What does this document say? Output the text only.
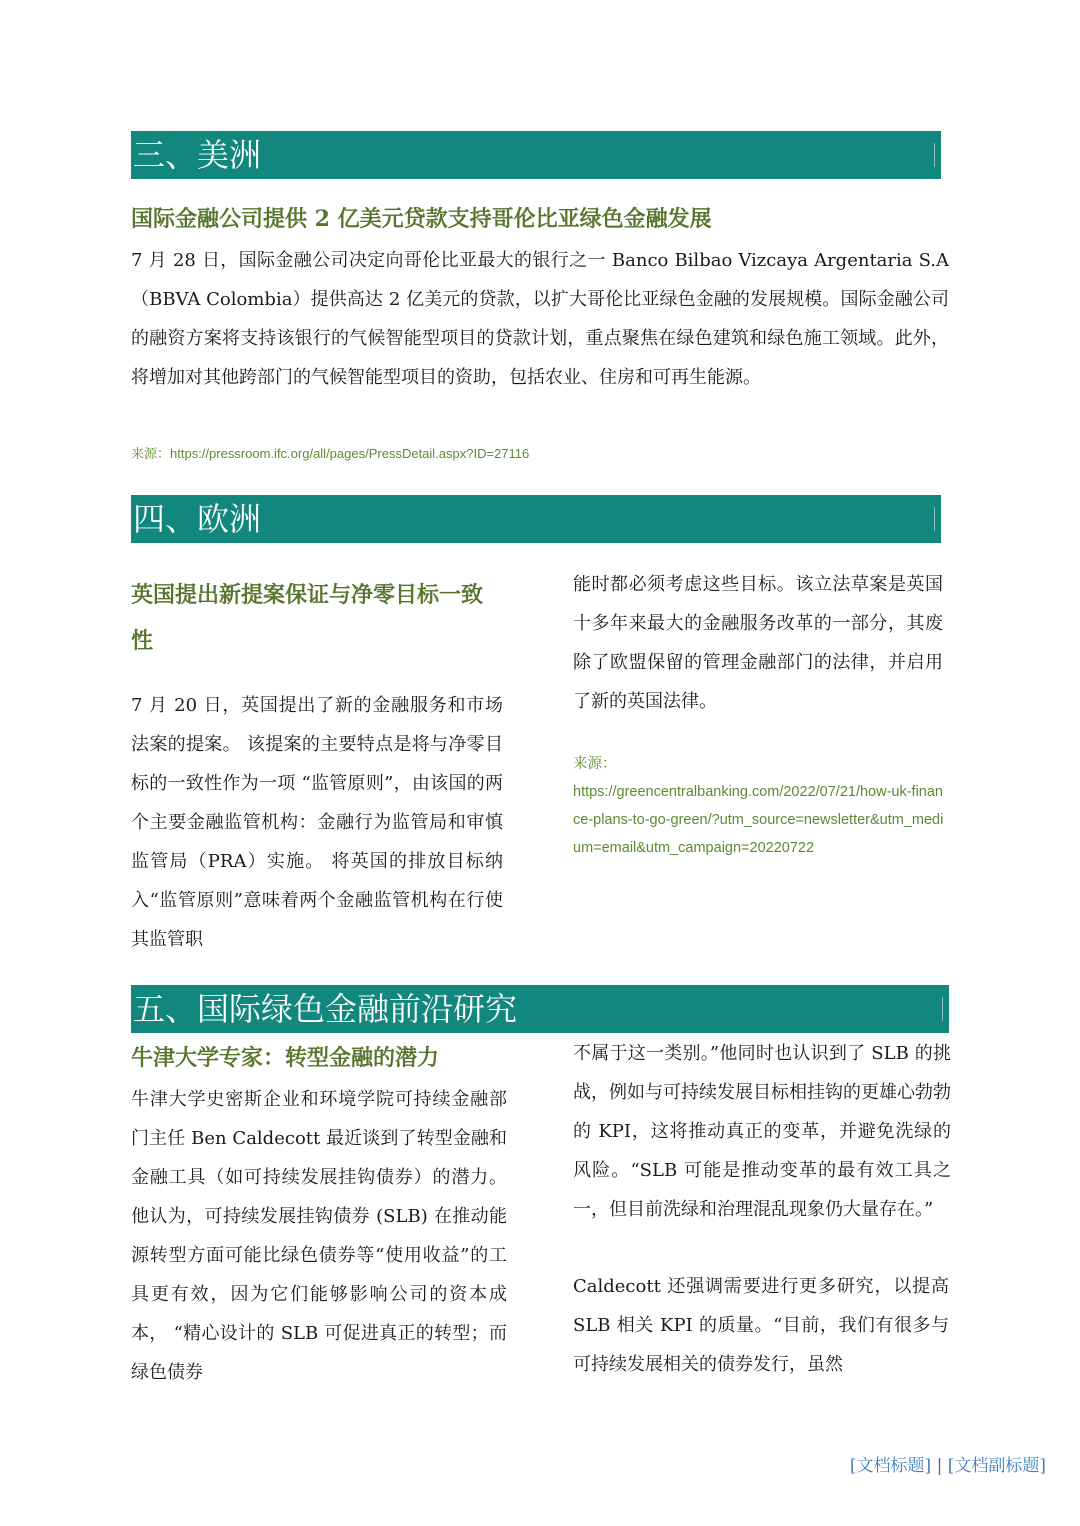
三、美洲
国际金融公司提供 2 亿美元贷款支持哥伦比亚绿色金融发展

7 月 28 日，国际金融公司决定向哥伦比亚最大的银行之一 Banco Bilbao Vizcaya Argentaria S.A（BBVA Colombia）提供高达 2 亿美元的贷款，以扩大哥伦比亚绿色金融的发展规模。国际金融公司的融资方案将支持该银行的气候智能型项目的贷款计划，重点聚焦在绿色建筑和绿色施工领域。此外，将增加对其他跨部门的气候智能型项目的资助，包括农业、住房和可再生能源。

来源：https://pressroom.ifc.org/all/pages/PressDetail.aspx?ID=27116
四、欧洲
英国提出新提案保证与净零目标一致性

7 月 20 日，英国提出了新的金融服务和市场法案的提案。 该提案的主要特点是将与净零目标的一致性作为一项 “监管原则”，由该国的两个主要金融监管机构：金融行为监管局和审慎监管局（PRA）实施。 将英国的排放目标纳入“监管原则”意味着两个金融监管机构在行使其监管职

能时都必须考虑这些目标。该立法草案是英国十多年来最大的金融服务改革的一部分，其废除了欧盟保留的管理金融部门的法律，并启用了新的英国法律。

来源：
https://greencentralbanking.com/2022/07/21/how-uk-finance-plans-to-go-green/?utm_source=newsletter&utm_medium=email&utm_campaign=20220722
五、国际绿色金融前沿研究
牛津大学专家：转型金融的潜力

牛津大学史密斯企业和环境学院可持续金融部门主任 Ben Caldecott 最近谈到了转型金融和金融工具（如可持续发展挂钩债券）的潜力。他认为，可持续发展挂钩债券 (SLB) 在推动能源转型方面可能比绿色债券等“使用收益”的工具更有效，因为它们能够影响公司的资本成本， “精心设计的 SLB 可促进真正的转型；而绿色债券

不属于这一类别。”他同时也认识到了 SLB 的挑战，例如与可持续发展目标相挂钩的更雄心勃勃的 KPI，这将推动真正的变革，并避免洗绿的风险。“SLB 可能是推动变革的最有效工具之一，但目前洗绿和治理混乱现象仍大量存在。”

Caldecott 还强调需要进行更多研究，以提高 SLB 相关 KPI 的质量。“目前，我们有很多与可持续发展相关的债券发行，虽然

[文档标题] | [文档副标题]
